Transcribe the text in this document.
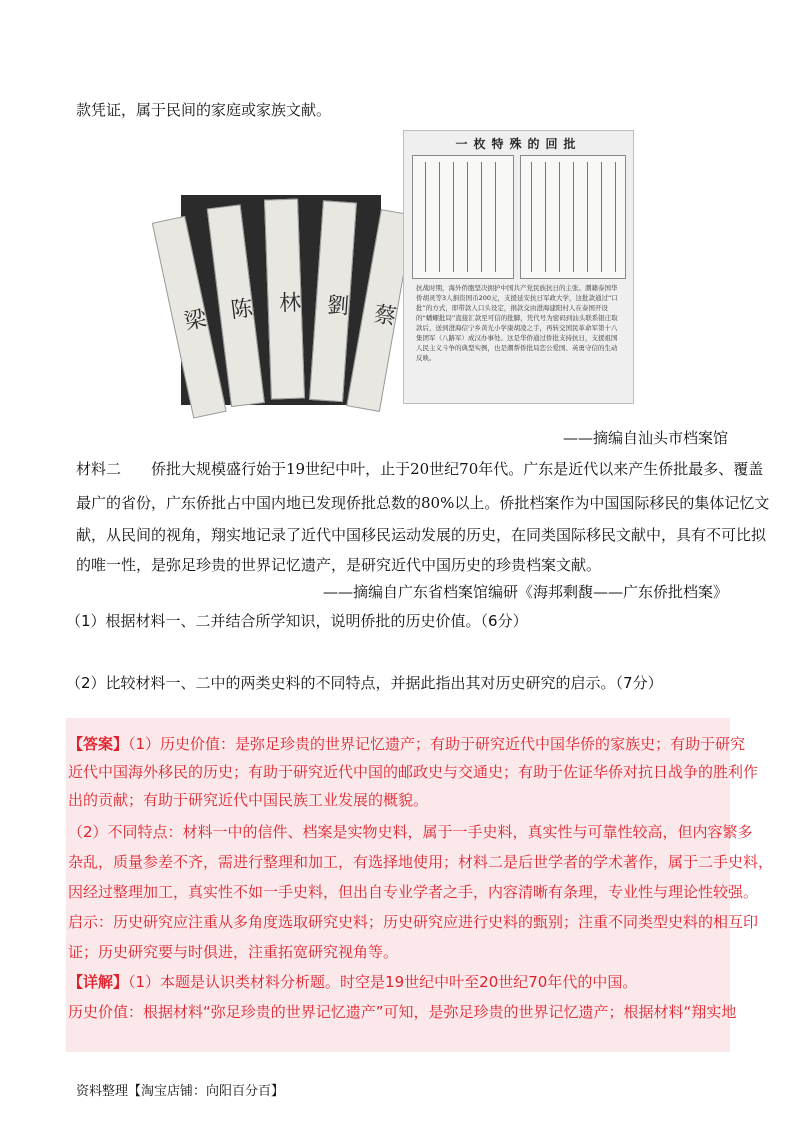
款凭证，属于民间的家庭或家族文献。
梁 陈 林	劉 蔡
一枚特殊的回批
抗战时期，海外侨胞坚决拥护中国共产党民族抗日的主张。潮籍泰国华侨胡灵等3人捐资国币200元，支援延安抗日军政大学，这批款通过“口批”的方式，即带款人口头设定，捐款交由澄海建阳村人在泰国开设的“蟠螺批局”直接汇款至可信的批脚，凭代号为密码到汕头联系银庄取款后，送到澄海信宁乡黄光小学康胡凌之手，再转交国民革命军第十八集团军（八路军）成汉办事处。这是华侨通过侨批支持抗日，支援祖国人民主义斗争的典型实例，也是潮帮侨批局恋公爱国、英勇守信的生动反映。
——摘编自汕头市档案馆
材料二　　侨批大规模盛行始于19世纪中叶，止于20世纪70年代。广东是近代以来产生侨批最多、覆盖
最广的省份，广东侨批占中国内地已发现侨批总数的80%以上。侨批档案作为中国国际移民的集体记忆文
献，从民间的视角，翔实地记录了近代中国移民运动发展的历史，在同类国际移民文献中，具有不可比拟
的唯一性，是弥足珍贵的世界记忆遗产，是研究近代中国历史的珍贵档案文献。
——摘编自广东省档案馆编研《海邦剩馥——广东侨批档案》
（1）根据材料一、二并结合所学知识，说明侨批的历史价值。（6分）
（2）比较材料一、二中的两类史料的不同特点，并据此指出其对历史研究的启示。（7分）
【答案】（1）历史价值：是弥足珍贵的世界记忆遗产；有助于研究近代中国华侨的家族史；有助于研究
近代中国海外移民的历史；有助于研究近代中国的邮政史与交通史；有助于佐证华侨对抗日战争的胜利作
出的贡献；有助于研究近代中国民族工业发展的概貌。
（2）不同特点：材料一中的信件、档案是实物史料，属于一手史料，真实性与可靠性较高，但内容繁多
杂乱，质量参差不齐，需进行整理和加工，有选择地使用；材料二是后世学者的学术著作，属于二手史料，
因经过整理加工，真实性不如一手史料，但出自专业学者之手，内容清晰有条理，专业性与理论性较强。
启示：历史研究应注重从多角度选取研究史料；历史研究应进行史料的甄别；注重不同类型史料的相互印
证；历史研究要与时俱进，注重拓宽研究视角等。
【详解】（1）本题是认识类材料分析题。时空是19世纪中叶至20世纪70年代的中国。
历史价值：根据材料“弥足珍贵的世界记忆遗产”可知，是弥足珍贵的世界记忆遗产；根据材料“翔实地
资料整理【淘宝店铺：向阳百分百】
